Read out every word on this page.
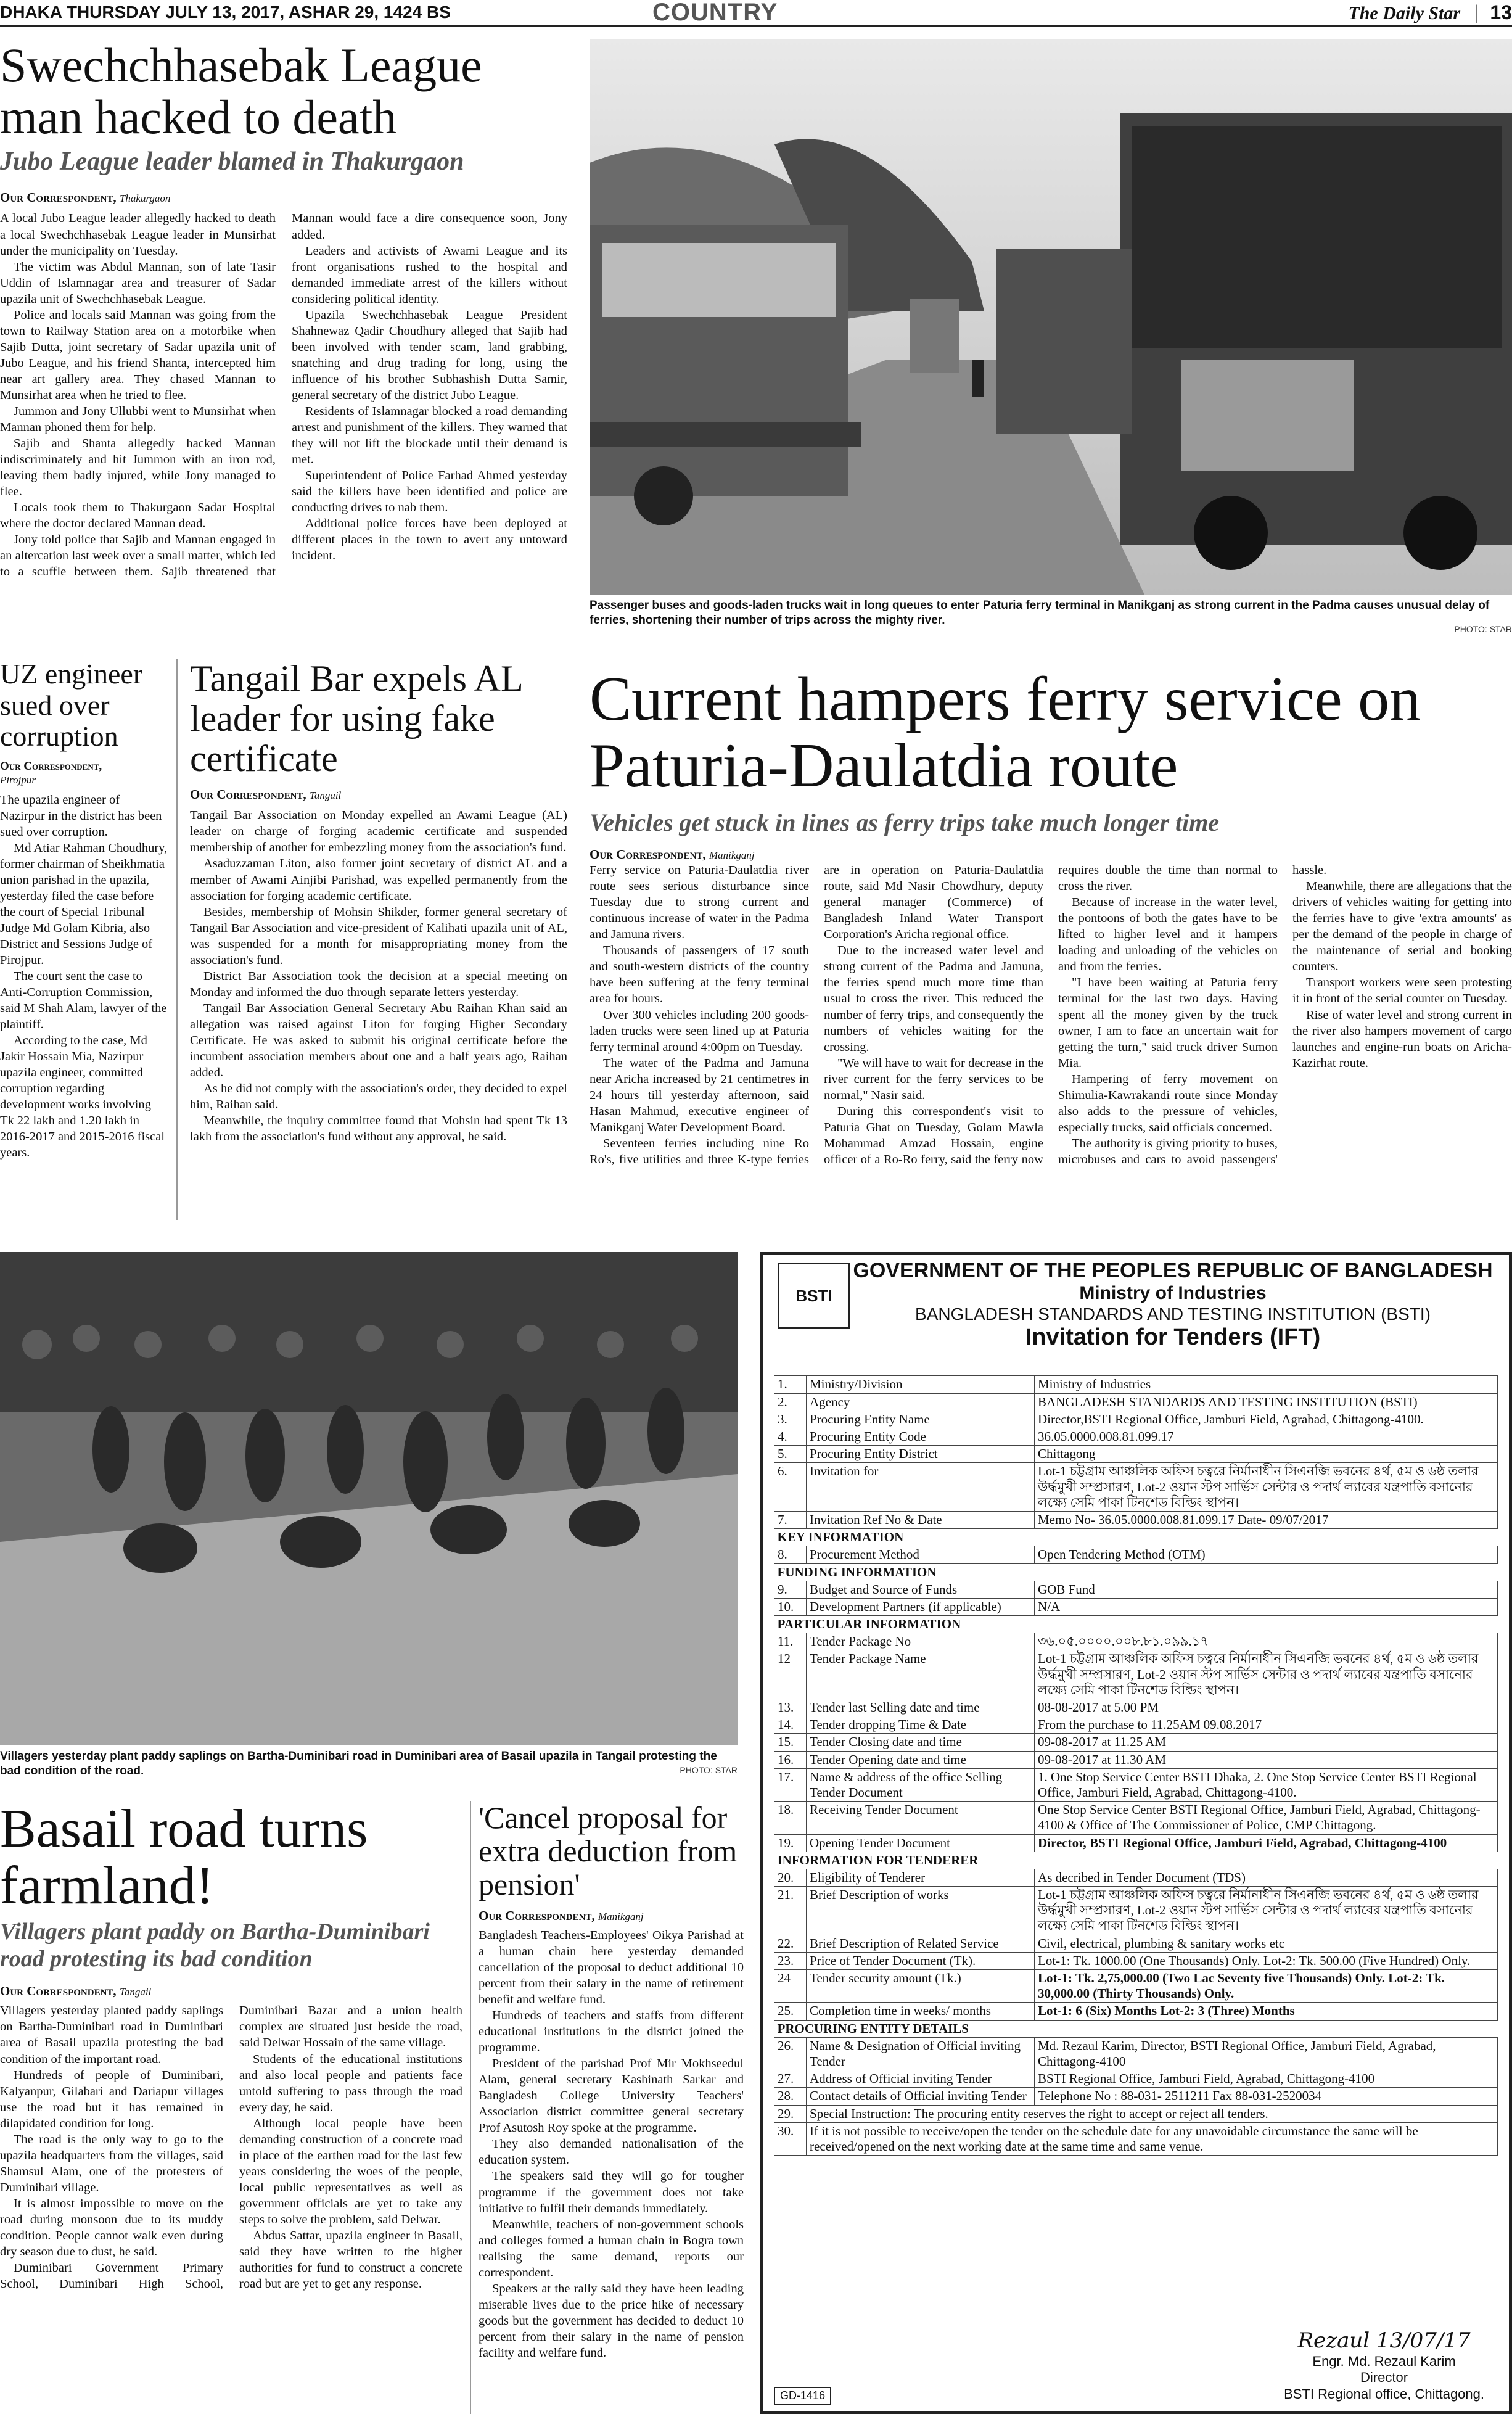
DHAKA THURSDAY JULY 13, 2017, ASHAR 29, 1424 BS	COUNTRY	The Daily Star | 13
Swechchhasebak League man hacked to death
Jubo League leader blamed in Thakurgaon
Our Correspondent, Thakurgaon

A local Jubo League leader allegedly hacked to death a local Swechchhasebak League leader in Munsirhat under the municipality on Tuesday.

The victim was Abdul Mannan, son of late Tasir Uddin of Islamnagar area and treasurer of Sadar upazila unit of Swechchhasebak League.

Police and locals said Mannan was going from the town to Railway Station area on a motorbike when Sajib Dutta, joint secretary of Sadar upazila unit of Jubo League, and his friend Shanta, intercepted him near art gallery area. They chased Mannan to Munsirhat area when he tried to flee.

Jummon and Jony Ullubbi went to Munsirhat when Mannan phoned them for help.

Sajib and Shanta allegedly hacked Mannan indiscriminately and hit Jummon with an iron rod, leaving them badly injured, while Jony managed to flee.

Locals took them to Thakurgaon Sadar Hospital where the doctor declared Mannan dead.

Jony told police that Sajib and Mannan engaged in an altercation last week over a small matter, which led to a scuffle between them. Sajib threatened that Mannan would face a dire consequence soon, Jony added.

Leaders and activists of Awami League and its front organisations rushed to the hospital and demanded immediate arrest of the killers without considering political identity.

Upazila Swechchhasebak League President Shahnewaz Qadir Choudhury alleged that Sajib had been involved with tender scam, land grabbing, snatching and drug trading for long, using the influence of his brother Subhashish Dutta Samir, general secretary of the district Jubo League.

Residents of Islamnagar blocked a road demanding arrest and punishment of the killers. They warned that they will not lift the blockade until their demand is met.

Superintendent of Police Farhad Ahmed yesterday said the killers have been identified and police are conducting drives to nab them.

Additional police forces have been deployed at different places in the town to avert any untoward incident.

Passenger buses and goods-laden trucks wait in long queues to enter Paturia ferry terminal in Manikganj as strong current in the Padma causes unusual delay of ferries, shortening their number of trips across the mighty river.
PHOTO: STAR
UZ engineer sued over corruption
Our Correspondent,
Pirojpur

The upazila engineer of Nazirpur in the district has been sued over corruption.

Md Atiar Rahman Choudhury, former chairman of Sheikhmatia union parishad in the upazila, yesterday filed the case before the court of Special Tribunal Judge Md Golam Kibria, also District and Sessions Judge of Pirojpur.

The court sent the case to Anti-Corruption Commission, said M Shah Alam, lawyer of the plaintiff.

According to the case, Md Jakir Hossain Mia, Nazirpur upazila engineer, committed corruption regarding development works involving Tk 22 lakh and 1.20 lakh in 2016-2017 and 2015-2016 fiscal years.

Tangail Bar expels AL leader for using fake certificate
Our Correspondent, Tangail

Tangail Bar Association on Monday expelled an Awami League (AL) leader on charge of forging academic certificate and suspended membership of another for embezzling money from the association's fund.

Asaduzzaman Liton, also former joint secretary of district AL and a member of Awami Ainjibi Parishad, was expelled permanently from the association for forging academic certificate.

Besides, membership of Mohsin Shikder, former general secretary of Tangail Bar Association and vice-president of Kalihati upazila unit of AL, was suspended for a month for misappropriating money from the association's fund.

District Bar Association took the decision at a special meeting on Monday and informed the duo through separate letters yesterday.

Tangail Bar Association General Secretary Abu Raihan Khan said an allegation was raised against Liton for forging Higher Secondary Certificate. He was asked to submit his original certificate before the incumbent association members about one and a half years ago, Raihan added.

As he did not comply with the association's order, they decided to expel him, Raihan said.

Meanwhile, the inquiry committee found that Mohsin had spent Tk 13 lakh from the association's fund without any approval, he said.

Current hampers ferry service on Paturia-Daulatdia route
Vehicles get stuck in lines as ferry trips take much longer time
Our Correspondent, Manikganj

Ferry service on Paturia-Daulatdia river route sees serious disturbance since Tuesday due to strong current and continuous increase of water in the Padma and Jamuna rivers.

Thousands of passengers of 17 south and south-western districts of the country have been suffering at the ferry terminal area for hours.

Over 300 vehicles including 200 goods-laden trucks were seen lined up at Paturia ferry terminal around 4:00pm on Tuesday.

The water of the Padma and Jamuna near Aricha increased by 21 centimetres in 24 hours till yesterday afternoon, said Hasan Mahmud, executive engineer of Manikganj Water Development Board.

Seventeen ferries including nine Ro Ro's, five utilities and three K-type ferries are in operation on Paturia-Daulatdia route, said Md Nasir Chowdhury, deputy general manager (Commerce) of Bangladesh Inland Water Transport Corporation's Aricha regional office.

Due to the increased water level and strong current of the Padma and Jamuna, the ferries spend much more time than usual to cross the river. This reduced the number of ferry trips, and consequently the numbers of vehicles waiting for the crossing.

"We will have to wait for decrease in the river current for the ferry services to be normal," Nasir said.

During this correspondent's visit to Paturia Ghat on Tuesday, Golam Mawla Mohammad Amzad Hossain, engine officer of a Ro-Ro ferry, said the ferry now requires double the time than normal to cross the river.

Because of increase in the water level, the pontoons of both the gates have to be lifted to higher level and it hampers loading and unloading of the vehicles on and from the ferries.

"I have been waiting at Paturia ferry terminal for the last two days. Having spent all the money given by the truck owner, I am to face an uncertain wait for getting the turn," said truck driver Sumon Mia.

Hampering of ferry movement on Shimulia-Kawrakandi route since Monday also adds to the pressure of vehicles, especially trucks, said officials concerned.

The authority is giving priority to buses, microbuses and cars to avoid passengers' hassle.

Meanwhile, there are allegations that the drivers of vehicles waiting for getting into the ferries have to give 'extra amounts' as per the demand of the people in charge of the maintenance of serial and booking counters.

Transport workers were seen protesting it in front of the serial counter on Tuesday.

Rise of water level and strong current in the river also hampers movement of cargo launches and engine-run boats on Aricha-Kazirhat route.

Villagers yesterday plant paddy saplings on Bartha-Duminibari road in Duminibari area of Basail upazila in Tangail protesting the bad condition of the road.	PHOTO: STAR
Basail road turns farmland!
Villagers plant paddy on Bartha-Duminibari road protesting its bad condition
Our Correspondent, Tangail

Villagers yesterday planted paddy saplings on Bartha-Duminibari road in Duminibari area of Basail upazila protesting the bad condition of the important road.

Hundreds of people of Duminibari, Kalyanpur, Gilabari and Dariapur villages use the road but it has remained in dilapidated condition for long.

The road is the only way to go to the upazila headquarters from the villages, said Shamsul Alam, one of the protesters of Duminibari village.

It is almost impossible to move on the road during monsoon due to its muddy condition. People cannot walk even during dry season due to dust, he said.

Duminibari Government Primary School, Duminibari High School, Duminibari Bazar and a union health complex are situated just beside the road, said Delwar Hossain of the same village.

Students of the educational institutions and also local people and patients face untold suffering to pass through the road every day, he said.

Although local people have been demanding construction of a concrete road in place of the earthen road for the last few years considering the woes of the people, local public representatives as well as government officials are yet to take any steps to solve the problem, said Delwar.

Abdus Sattar, upazila engineer in Basail, said they have written to the higher authorities for fund to construct a concrete road but are yet to get any response.

'Cancel proposal for extra deduction from pension'
Our Correspondent, Manikganj

Bangladesh Teachers-Employees' Oikya Parishad at a human chain here yesterday demanded cancellation of the proposal to deduct additional 10 percent from their salary in the name of retirement benefit and welfare fund.

Hundreds of teachers and staffs from different educational institutions in the district joined the programme.

President of the parishad Prof Mir Mokhseedul Alam, general secretary Kashinath Sarkar and Bangladesh College University Teachers' Association district committee general secretary Prof Asutosh Roy spoke at the programme.

They also demanded nationalisation of the education system.

The speakers said they will go for tougher programme if the government does not take initiative to fulfil their demands immediately.

Meanwhile, teachers of non-government schools and colleges formed a human chain in Bogra town realising the same demand, reports our correspondent.

Speakers at the rally said they have been leading miserable lives due to the price hike of necessary goods but the government has decided to deduct 10 percent from their salary in the name of pension facility and welfare fund.

BSTI
GOVERNMENT OF THE PEOPLES REPUBLIC OF BANGLADESH
Ministry of Industries
BANGLADESH STANDARDS AND TESTING INSTITUTION (BSTI)
Invitation for Tenders (IFT)
1.	Ministry/Division	Ministry of Industries
2.	Agency	BANGLADESH STANDARDS AND TESTING INSTITUTION (BSTI)
3.	Procuring Entity Name	Director,BSTI Regional Office, Jamburi Field, Agrabad, Chittagong-4100.
4.	Procuring Entity Code	36.05.0000.008.81.099.17
5.	Procuring Entity District	Chittagong
6.	Invitation for	Lot-1 চট্টগ্রাম আঞ্চলিক অফিস চত্বরে নির্মানাধীন সিএনজি ভবনের ৪র্থ, ৫ম ও ৬ষ্ঠ তলার উর্দ্ধমুখী সম্প্রসারণ, Lot-2 ওয়ান স্টপ সার্ভিস সেন্টার ও পদার্থ ল্যাবের যন্ত্রপাতি বসানোর লক্ষ্যে সেমি পাকা টিনশেড বিল্ডিং স্থাপন।
7.	Invitation Ref No & Date	Memo No- 36.05.0000.008.81.099.17 Date- 09/07/2017
KEY INFORMATION		
8.	Procurement Method	Open Tendering Method (OTM)
FUNDING INFORMATION		
9.	Budget and Source of Funds	GOB Fund
10.	Development Partners (if applicable)	N/A
PARTICULAR INFORMATION		
11.	Tender Package No	৩৬.০৫.০০০০.০০৮.৮১.০৯৯.১৭
12	Tender Package Name	Lot-1 চট্টগ্রাম আঞ্চলিক অফিস চত্বরে নির্মানাধীন সিএনজি ভবনের ৪র্থ, ৫ম ও ৬ষ্ঠ তলার উর্দ্ধমুখী সম্প্রসারণ, Lot-2 ওয়ান স্টপ সার্ভিস সেন্টার ও পদার্থ ল্যাবের যন্ত্রপাতি বসানোর লক্ষ্যে সেমি পাকা টিনশেড বিল্ডিং স্থাপন।
13.	Tender last Selling date and time	08-08-2017 at 5.00 PM
14.	Tender dropping Time & Date	From the purchase to 11.25AM 09.08.2017
15.	Tender Closing date and time	09-08-2017 at 11.25 AM
16.	Tender Opening date and time	09-08-2017 at 11.30 AM
17.	Name & address of the office Selling Tender Document	1. One Stop Service Center BSTI Dhaka, 2. One Stop Service Center BSTI Regional Office, Jamburi Field, Agrabad, Chittagong-4100.
18.	Receiving Tender Document	One Stop Service Center BSTI Regional Office, Jamburi Field, Agrabad, Chittagong-4100 & Office of The Commissioner of Police, CMP Chittagong.
19.	Opening Tender Document	Director, BSTI Regional Office, Jamburi Field, Agrabad, Chittagong-4100
INFORMATION FOR TENDERER		
20.	Eligibility of Tenderer	As decribed in Tender Document (TDS)
21.	Brief Description of works	Lot-1 চট্টগ্রাম আঞ্চলিক অফিস চত্বরে নির্মানাধীন সিএনজি ভবনের ৪র্থ, ৫ম ও ৬ষ্ঠ তলার উর্দ্ধমুখী সম্প্রসারণ, Lot-2 ওয়ান স্টপ সার্ভিস সেন্টার ও পদার্থ ল্যাবের যন্ত্রপাতি বসানোর লক্ষ্যে সেমি পাকা টিনশেড বিল্ডিং স্থাপন।
22.	Brief Description of Related Service	Civil, electrical, plumbing & sanitary works etc
23.	Price of Tender Document (Tk).	Lot-1: Tk. 1000.00 (One Thousands) Only. Lot-2: Tk. 500.00 (Five Hundred) Only.
24	Tender security amount (Tk.)	Lot-1: Tk. 2,75,000.00 (Two Lac Seventy five Thousands) Only. Lot-2: Tk. 30,000.00 (Thirty Thousands) Only.
25.	Completion time in weeks/ months	Lot-1: 6 (Six) Months Lot-2: 3 (Three) Months
PROCURING ENTITY DETAILS		
26.	Name & Designation of Official inviting Tender	Md. Rezaul Karim, Director, BSTI Regional Office, Jamburi Field, Agrabad, Chittagong-4100
27.	Address of Official inviting Tender	BSTI Regional Office, Jamburi Field, Agrabad, Chittagong-4100
28.	Contact details of Official inviting Tender	Telephone No : 88-031- 2511211 Fax 88-031-2520034
29.	Special Instruction: The procuring entity reserves the right to accept or reject all tenders.	
30.	If it is not possible to receive/open the tender on the schedule date for any unavoidable circumstance the same will be received/opened on the next working date at the same time and same venue.	
Rezaul 13/07/17
Engr. Md. Rezaul Karim
Director
BSTI Regional office, Chittagong.
GD-1416
